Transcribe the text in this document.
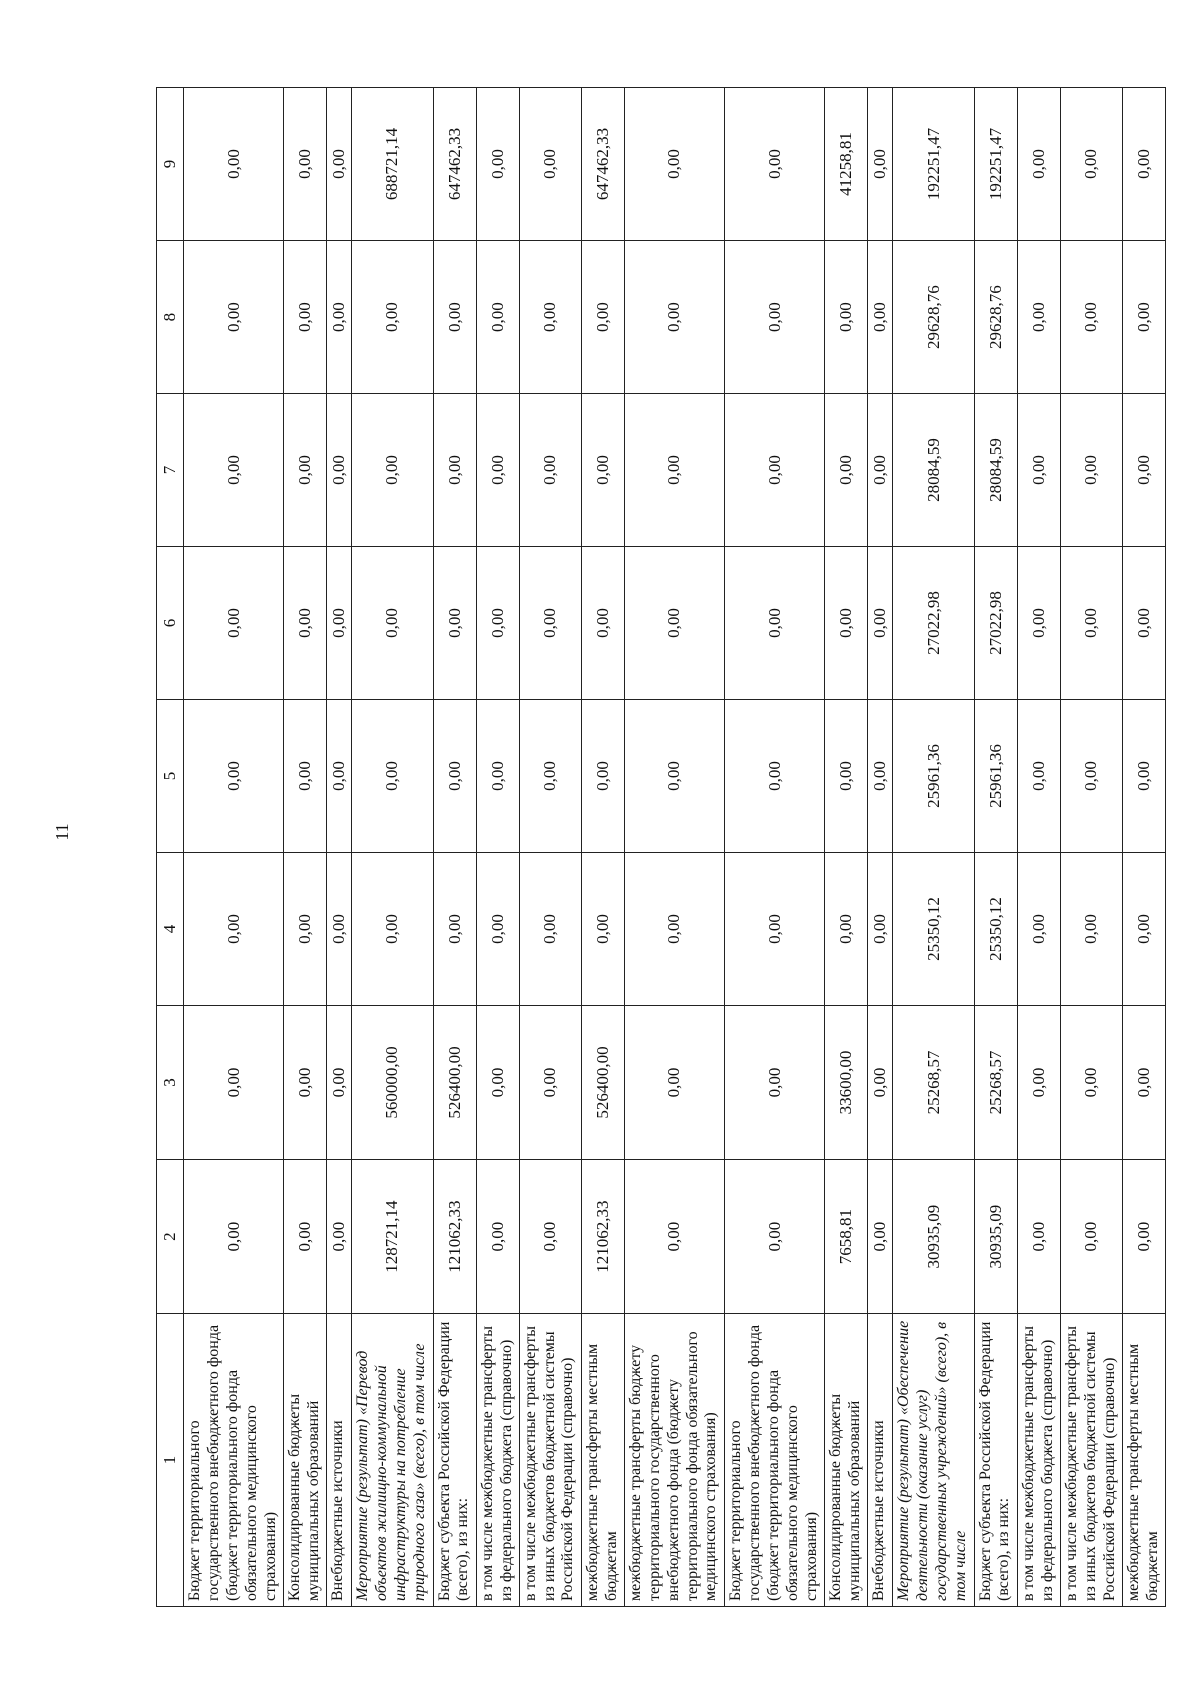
11
1	2	3	4	5	6	7	8	9
Бюджет территориального государственного внебюджетного фонда (бюджет территориального фонда обязательного медицинского страхования)	0,00	0,00	0,00	0,00	0,00	0,00	0,00	0,00
Консолидированные бюджеты муниципальных образований	0,00	0,00	0,00	0,00	0,00	0,00	0,00	0,00
Внебюджетные источники	0,00	0,00	0,00	0,00	0,00	0,00	0,00	0,00
Мероприятие (результат) «Перевод объектов жилищно-коммунальной инфраструктуры на потребление природного газа» (всего), в том числе	128721,14	560000,00	0,00	0,00	0,00	0,00	0,00	688721,14
Бюджет субъекта Российской Федерации (всего), из них:	121062,33	526400,00	0,00	0,00	0,00	0,00	0,00	647462,33
в том числе межбюджетные трансферты из федерального бюджета (справочно)	0,00	0,00	0,00	0,00	0,00	0,00	0,00	0,00
в том числе межбюджетные трансферты из иных бюджетов бюджетной системы Российской Федерации (справочно)	0,00	0,00	0,00	0,00	0,00	0,00	0,00	0,00
межбюджетные трансферты местным бюджетам	121062,33	526400,00	0,00	0,00	0,00	0,00	0,00	647462,33
межбюджетные трансферты бюджету территориального государственного внебюджетного фонда (бюджету территориального фонда обязательного медицинского страхования)	0,00	0,00	0,00	0,00	0,00	0,00	0,00	0,00
Бюджет территориального государственного внебюджетного фонда (бюджет территориального фонда обязательного медицинского страхования)	0,00	0,00	0,00	0,00	0,00	0,00	0,00	0,00
Консолидированные бюджеты муниципальных образований	7658,81	33600,00	0,00	0,00	0,00	0,00	0,00	41258,81
Внебюджетные источники	0,00	0,00	0,00	0,00	0,00	0,00	0,00	0,00
Мероприятие (результат) «Обеспечение деятельности (оказание услуг) государственных учреждений» (всего), в том числе	30935,09	25268,57	25350,12	25961,36	27022,98	28084,59	29628,76	192251,47
Бюджет субъекта Российской Федерации (всего), из них:	30935,09	25268,57	25350,12	25961,36	27022,98	28084,59	29628,76	192251,47
в том числе межбюджетные трансферты из федерального бюджета (справочно)	0,00	0,00	0,00	0,00	0,00	0,00	0,00	0,00
в том числе межбюджетные трансферты из иных бюджетов бюджетной системы Российской Федерации (справочно)	0,00	0,00	0,00	0,00	0,00	0,00	0,00	0,00
межбюджетные трансферты местным бюджетам	0,00	0,00	0,00	0,00	0,00	0,00	0,00	0,00
